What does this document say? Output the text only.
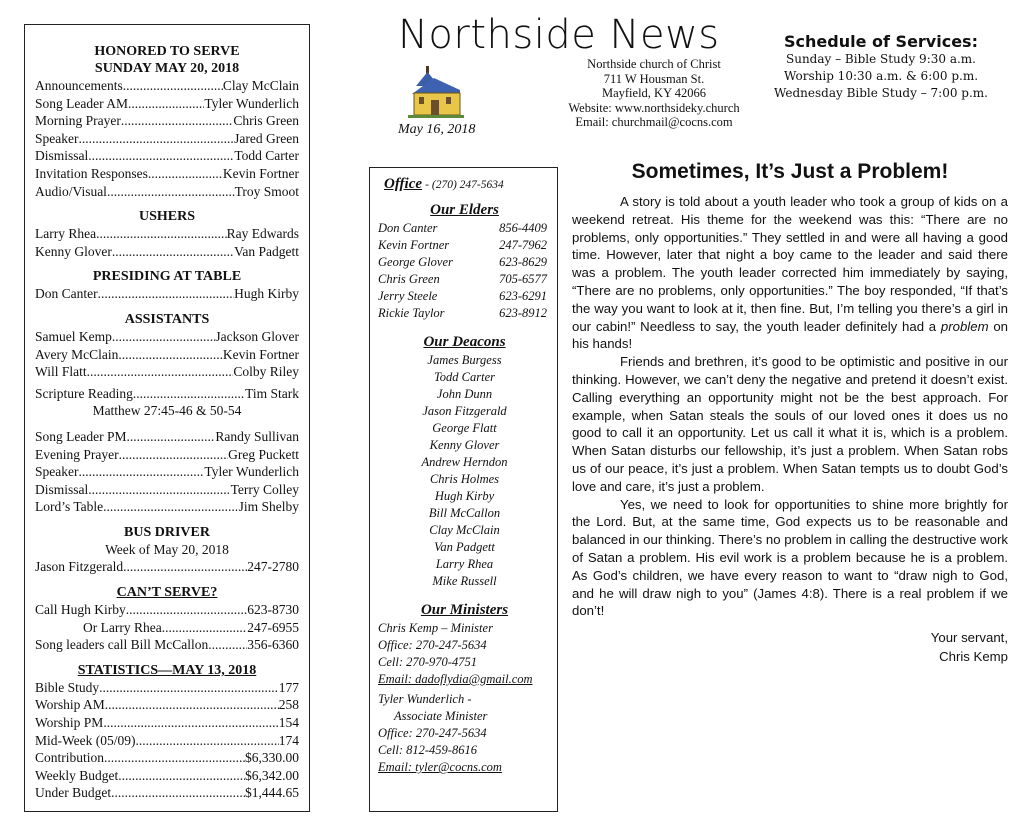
HONORED TO SERVE
SUNDAY MAY 20, 2018
Announcements .....	Clay McClain
Song Leader AM .....	Tyler Wunderlich
Morning Prayer .....	Chris Green
Speaker .....	Jared Green
Dismissal .....	Todd Carter
Invitation Responses .....	Kevin Fortner
Audio/Visual .....	Troy Smoot
USHERS
Larry Rhea .....	Ray Edwards
Kenny Glover .....	Van Padgett
PRESIDING AT TABLE
Don Canter .....	Hugh Kirby
ASSISTANTS
Samuel Kemp .....	Jackson Glover
Avery McClain .....	Kevin Fortner
Will Flatt .....	Colby Riley
Scripture Reading .....	Tim Stark
Matthew 27:45-46 & 50-54
Song Leader PM .....	Randy Sullivan
Evening Prayer .....	Greg Puckett
Speaker .....	Tyler Wunderlich
Dismissal .....	Terry Colley
Lord’s Table .....	Jim Shelby
BUS DRIVER
Week of May 20, 2018
Jason Fitzgerald .....	247-2780
CAN’T SERVE?
Call Hugh Kirby .....	623-8730
Or Larry Rhea .....	247-6955
Song leaders call Bill McCallon .....	356-6360
STATISTICS—MAY 13, 2018
Bible Study .....	177
Worship AM .....	258
Worship PM .....	154
Mid-Week (05/09) .....	174
Contribution .....	$6,330.00
Weekly Budget .....	$6,342.00
Under Budget .....	$1,444.65
Northside News
May 16, 2018
Northside church of Christ
711 W Housman St.
Mayfield, KY 42066
Website: www.northsideky.church
Email: churchmail@cocns.com
Schedule of Services:
Sunday – Bible Study 9:30 a.m.
Worship 10:30 a.m. & 6:00 p.m.
Wednesday Bible Study – 7:00 p.m.
Office - (270) 247-5634
Our Elders
Don Canter	856-4409
Kevin Fortner	247-7962
George Glover	623-8629
Chris Green	705-6577
Jerry Steele	623-6291
Rickie Taylor	623-8912
Our Deacons
James Burgess
Todd Carter
John Dunn
Jason Fitzgerald
George Flatt
Kenny Glover
Andrew Herndon
Chris Holmes
Hugh Kirby
Bill McCallon
Clay McClain
Van Padgett
Larry Rhea
Mike Russell
Our Ministers
Chris Kemp – Minister
Office: 270-247-5634
Cell: 270-970-4751
Email: dadoflydia@gmail.com
Tyler Wunderlich -
Associate Minister
Office: 270-247-5634
Cell: 812-459-8616
Email: tyler@cocns.com
Sometimes, It’s Just a Problem!

A story is told about a youth leader who took a group of kids on a weekend retreat. His theme for the weekend was this: “There are no problems, only opportunities.” They settled in and were all having a good time. However, later that night a boy came to the leader and said there was a problem. The youth leader corrected him immediately by saying, “There are no problems, only opportunities.” The boy responded, “If that’s the way you want to look at it, then fine. But, I’m telling you there’s a girl in our cabin!” Needless to say, the youth leader definitely had a problem on his hands!

Friends and brethren, it’s good to be optimistic and positive in our thinking. However, we can’t deny the negative and pretend it doesn’t exist. Calling everything an opportunity might not be the best approach. For example, when Satan steals the souls of our loved ones it does us no good to call it an opportunity. Let us call it what it is, which is a problem. When Satan disturbs our fellowship, it’s just a problem. When Satan robs us of our peace, it’s just a problem. When Satan tempts us to doubt God’s love and care, it’s just a problem.

Yes, we need to look for opportunities to shine more brightly for the Lord. But, at the same time, God expects us to be reasonable and balanced in our thinking. There’s no problem in calling the destructive work of Satan a problem. His evil work is a problem because he is a problem. As God’s children, we have every reason to want to “draw nigh to God, and he will draw nigh to you” (James 4:8). There is a real problem if we don’t!

Your servant,
Chris Kemp
